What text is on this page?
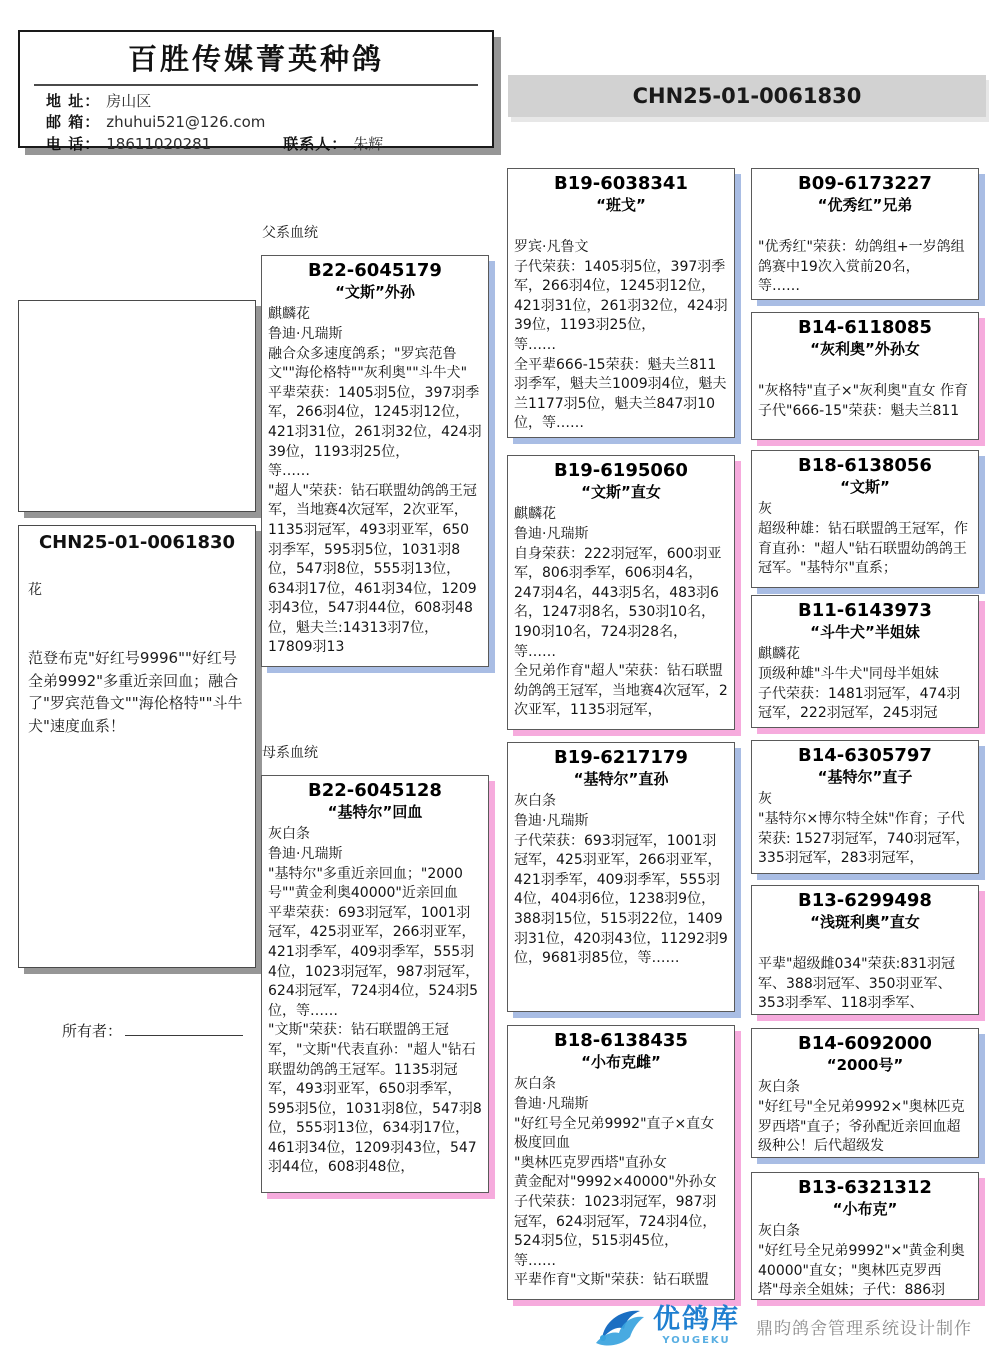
百胜传媒菁英种鸽
地 址： 房山区
邮 箱： zhuhui521@126.com
电 话： 18611020281	联系人： 朱辉
CHN25-01-0061830
CHN25-01-0061830
花
范登布克"好红号9996""好红号全弟9992"多重近亲回血；融合了"罗宾范鲁文""海伦格特""斗牛犬"速度血系！
所有者：
父系血统
母系血统
B22-6045179
“文斯”外孙
麒麟花
鲁迪·凡瑞斯
融合众多速度鸽系；"罗宾范鲁文""海伦格特""灰利奥""斗牛犬"
平辈荣获：1405羽5位，397羽季军，266羽4位，1245羽12位，421羽31位，261羽32位，424羽39位，1193羽25位，
等……
"超人"荣获：钻石联盟幼鸽鸽王冠军，当地赛4次冠军，2次亚军，1135羽冠军，493羽亚军，650羽季军，595羽5位，1031羽8位，547羽8位，555羽13位，634羽17位，461羽34位，1209羽43位，547羽44位，608羽48位，魁夫兰:14313羽7位，17809羽13
B22-6045128
“基特尔”回血
灰白条
鲁迪·凡瑞斯
"基特尔"多重近亲回血；"2000号""黄金利奥40000"近亲回血
平辈荣获：693羽冠军，1001羽冠军，425羽亚军，266羽亚军，421羽季军，409羽季军，555羽4位，1023羽冠军，987羽冠军，624羽冠军，724羽4位，524羽5位，等……
"文斯"荣获：钻石联盟鸽王冠军，"文斯"代表直孙："超人"钻石联盟幼鸽鸽王冠军。1135羽冠军，493羽亚军，650羽季军，595羽5位，1031羽8位，547羽8位，555羽13位，634羽17位，461羽34位，1209羽43位，547羽44位，608羽48位，
B19-6038341
“班戈”

罗宾·凡鲁文
子代荣获：1405羽5位，397羽季军，266羽4位，1245羽12位，421羽31位，261羽32位，424羽39位，1193羽25位，
等……
全平辈666-15荣获：魁夫兰811羽季军，魁夫兰1009羽4位，魁夫兰1177羽5位，魁夫兰847羽10位，等……
B19-6195060
“文斯”直女
麒麟花
鲁迪·凡瑞斯
自身荣获：222羽冠军，600羽亚军，806羽季军，606羽4名，247羽4名，443羽5名，483羽6名，1247羽8名，530羽10名，190羽10名，724羽28名，等……
全兄弟作育"超人"荣获：钻石联盟幼鸽鸽王冠军，当地赛4次冠军，2次亚军，1135羽冠军，
B19-6217179
“基特尔”直孙
灰白条
鲁迪·凡瑞斯
子代荣获：693羽冠军，1001羽冠军，425羽亚军，266羽亚军，421羽季军，409羽季军，555羽4位，404羽6位，1238羽9位，388羽15位，515羽22位，1409羽31位，420羽43位，11292羽9位，9681羽85位，等……
B18-6138435
“小布克雌”
灰白条
鲁迪·凡瑞斯
"好红号全兄弟9992"直子×直女
极度回血
"奥林匹克罗西塔"直孙女
黄金配对"9992×40000"外孙女
子代荣获：1023羽冠军，987羽冠军，624羽冠军，724羽4位，524羽5位，515羽45位，
等……
平辈作育"文斯"荣获：钻石联盟
B09-6173227
“优秀红”兄弟

"优秀红"荣获：幼鸽组+一岁鸽组鸽赛中19次入赏前20名，
等……
B14-6118085
“灰利奥”外孙女

"灰格特"直子×"灰利奥"直女 作育
子代"666-15"荣获：魁夫兰811
B18-6138056
“文斯”
灰
超级种雄：钻石联盟鸽王冠军，作育直孙："超人"钻石联盟幼鸽鸽王冠军。"基特尔"直系；
B11-6143973
“斗牛犬”半姐妹
麒麟花
顶级种雄"斗牛犬"同母半姐妹
子代荣获：1481羽冠军，474羽冠军，222羽冠军，245羽冠
B14-6305797
“基特尔”直子
灰
"基特尔×博尔特全妹"作育；子代荣获: 1527羽冠军，740羽冠军，335羽冠军，283羽冠军，
B13-6299498
“浅斑利奥”直女

平辈"超级雌034"荣获:831羽冠军、388羽冠军、350羽亚军、353羽季军、118羽季军、
B14-6092000
“2000号”
灰白条
"好红号"全兄弟9992×"奥林匹克罗西塔"直子；爷孙配近亲回血超级种公！后代超级发
B13-6321312
“小布克”
灰白条
"好红号全兄弟9992"×"黄金利奥40000"直女；"奥林匹克罗西塔"母亲全姐妹；子代：886羽
优鸽库
YOUGEKU
鼎昀鸽舍管理系统设计制作
